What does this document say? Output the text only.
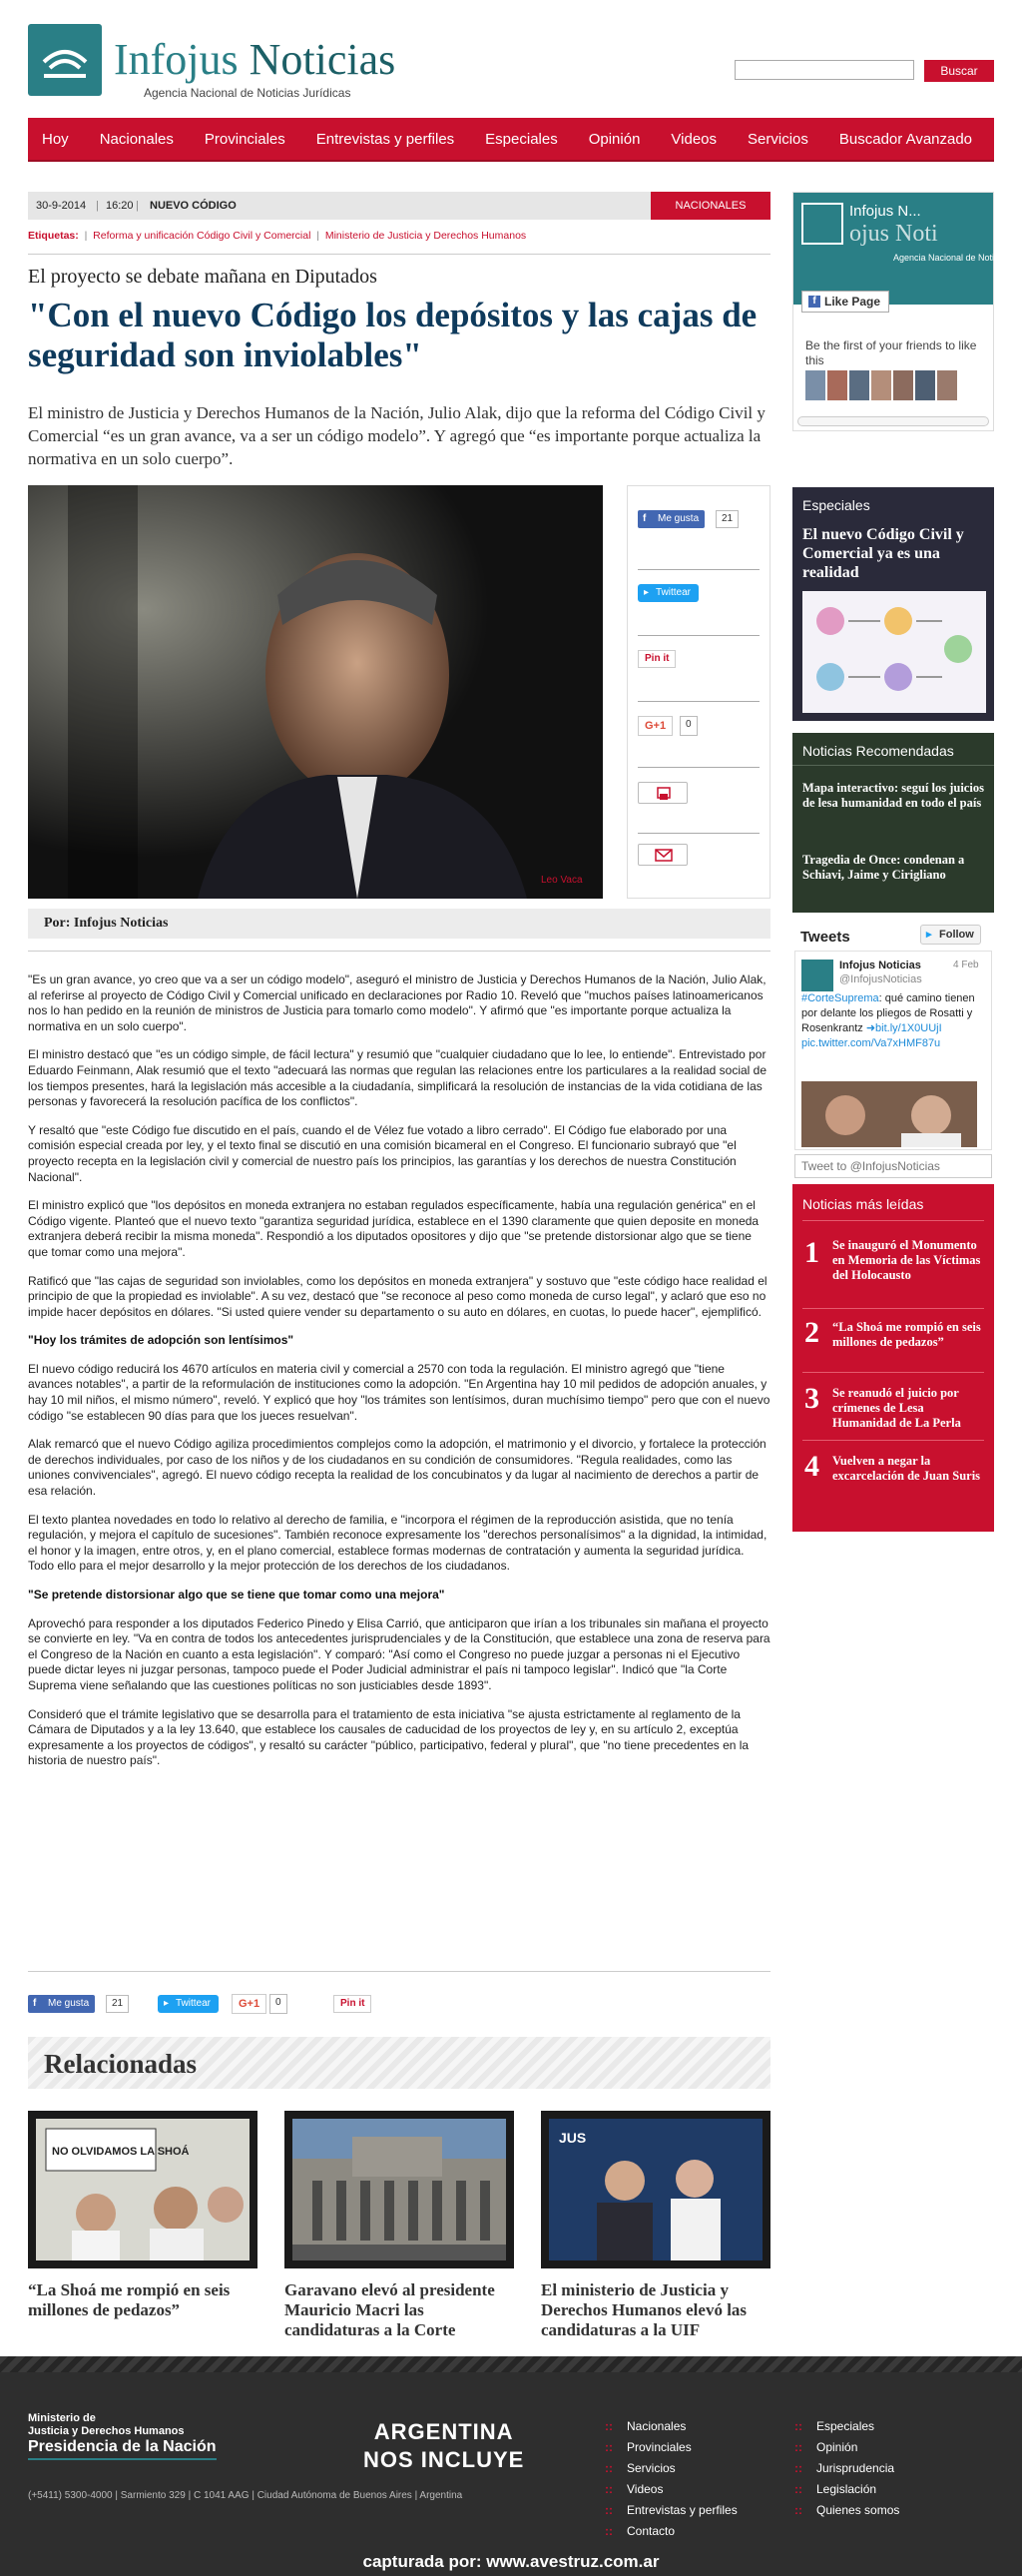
Infojus Noticias
Agencia Nacional de Noticias Jurídicas
Buscar
Hoy Nacionales Provinciales Entrevistas y perfiles Especiales Opinión Videos Servicios Buscador Avanzado
30-9-2014 | 16:20 | NUEVO CÓDIGO	NACIONALES
Etiquetas:  |  Reforma y unificación Código Civil y Comercial  |  Ministerio de Justicia y Derechos Humanos
El proyecto se debate mañana en Diputados
"Con el nuevo Código los depósitos y las cajas de seguridad son inviolables"

El ministro de Justicia y Derechos Humanos de la Nación, Julio Alak, dijo que la reforma del Código Civil y Comercial “es un gran avance, va a ser un código modelo”. Y agregó que “es importante porque actualiza la normativa en un solo cuerpo”.

Leo Vaca
f Me gusta	21
▸ Twittear
Pin it
G+1	0
Por: Infojus Noticias

"Es un gran avance, yo creo que va a ser un código modelo", aseguró el ministro de Justicia y Derechos Humanos de la Nación, Julio Alak, al referirse al proyecto de Código Civil y Comercial unificado en declaraciones por Radio 10. Reveló que "muchos países latinoamericanos nos lo han pedido en la reunión de ministros de Justicia para tomarlo como modelo". Y afirmó que "es importante porque actualiza la normativa en un solo cuerpo".

El ministro destacó que "es un código simple, de fácil lectura" y resumió que "cualquier ciudadano que lo lee, lo entiende". Entrevistado por Eduardo Feinmann, Alak resumió que el texto "adecuará las normas que regulan las relaciones entre los particulares a la realidad social de los tiempos presentes, hará la legislación más accesible a la ciudadanía, simplificará la resolución de instancias de la vida cotidiana de las personas y favorecerá la resolución pacífica de los conflictos".

Y resaltó que "este Código fue discutido en el país, cuando el de Vélez fue votado a libro cerrado". El Código fue elaborado por una comisión especial creada por ley, y el texto final se discutió en una comisión bicameral en el Congreso. El funcionario subrayó que "el proyecto recepta en la legislación civil y comercial de nuestro país los principios, las garantías y los derechos de nuestra Constitución Nacional".

El ministro explicó que "los depósitos en moneda extranjera no estaban regulados específicamente, había una regulación genérica" en el Código vigente. Planteó que el nuevo texto "garantiza seguridad jurídica, establece en el 1390 claramente que quien deposite en moneda extranjera deberá recibir la misma moneda". Respondió a los diputados opositores y dijo que "se pretende distorsionar algo que se tiene que tomar como una mejora".

Ratificó que "las cajas de seguridad son inviolables, como los depósitos en moneda extranjera" y sostuvo que "este código hace realidad el principio de que la propiedad es inviolable". A su vez, destacó que "se reconoce al peso como moneda de curso legal", y aclaró que eso no impide hacer depósitos en dólares. "Si usted quiere vender su departamento o su auto en dólares, en cuotas, lo puede hacer", ejemplificó.

"Hoy los trámites de adopción son lentísimos"

El nuevo código reducirá los 4670 artículos en materia civil y comercial a 2570 con toda la regulación. El ministro agregó que "tiene avances notables", a partir de la reformulación de instituciones como la adopción. "En Argentina hay 10 mil pedidos de adopción anuales, y hay 10 mil niños, el mismo número", reveló. Y explicó que hoy "los trámites son lentísimos, duran muchísimo tiempo" pero que con el nuevo código "se establecen 90 días para que los jueces resuelvan".

Alak remarcó que el nuevo Código agiliza procedimientos complejos como la adopción, el matrimonio y el divorcio, y fortalece la protección de derechos individuales, por caso de los niños y de los ciudadanos en su condición de consumidores. "Regula realidades, como las uniones convivenciales", agregó. El nuevo código recepta la realidad de los concubinatos y da lugar al nacimiento de derechos a partir de esa relación.

El texto plantea novedades en todo lo relativo al derecho de familia, e "incorpora el régimen de la reproducción asistida, que no tenía regulación, y mejora el capítulo de sucesiones". También reconoce expresamente los "derechos personalísimos" a la dignidad, la intimidad, el honor y la imagen, entre otros, y, en el plano comercial, establece formas modernas de contratación y aumenta la seguridad jurídica. Todo ello para el mejor desarrollo y la mejor protección de los derechos de los ciudadanos.

"Se pretende distorsionar algo que se tiene que tomar como una mejora"

Aprovechó para responder a los diputados Federico Pinedo y Elisa Carrió, que anticiparon que irían a los tribunales sin mañana el proyecto se convierte en ley. "Va en contra de todos los antecedentes jurisprudenciales y de la Constitución, que establece una zona de reserva para el Congreso de la Nación en cuanto a esta legislación". Y comparó: "Así como el Congreso no puede juzgar a personas ni el Ejecutivo puede dictar leyes ni juzgar personas, tampoco puede el Poder Judicial administrar el país ni tampoco legislar". Indicó que "la Corte Suprema viene señalando que las cuestiones políticas no son justiciables desde 1893".

Consideró que el trámite legislativo que se desarrolla para el tratamiento de esta iniciativa "se ajusta estrictamente al reglamento de la Cámara de Diputados y a la ley 13.640, que establece los causales de caducidad de los proyectos de ley y, en su artículo 2, exceptúa expresamente a los proyectos de códigos", y resaltó su carácter "público, participativo, federal y plural", que "no tiene precedentes en la historia de nuestro país".

f Me gusta	21	▸ Twittear	G+1	0	Pin it
Relacionadas
NO OLVIDAMOS LA SHOÁ
“La Shoá me rompió en seis millones de pedazos”
Garavano elevó al presidente Mauricio Macri las candidaturas a la Corte
JUS
El ministerio de Justicia y Derechos Humanos elevó las candidaturas a la UIF
Infojus N...
ojus Noti
Agencia Nacional de Noti
f Like Page
Be the first of your friends to like this
Especiales
El nuevo Código Civil y Comercial ya es una realidad
Noticias Recomendadas
Mapa interactivo: seguí los juicios de lesa humanidad en todo el país
Tragedia de Once: condenan a Schiavi, Jaime y Cirigliano
Tweets	▸ Follow
Infojus Noticias	4 Feb
@InfojusNoticias
#CorteSuprema: qué camino tienen por delante los pliegos de Rosatti y Rosenkrantz ➜bit.ly/1X0UUjI pic.twitter.com/Va7xHMF87u
Tweet to @InfojusNoticias
Noticias más leídas
1 Se inauguró el Monumento en Memoria de las Víctimas del Holocausto
2 “La Shoá me rompió en seis millones de pedazos”
3 Se reanudó el juicio por crímenes de Lesa Humanidad de La Perla
4 Vuelven a negar la excarcelación de Juan Suris
Ministerio de
Justicia y Derechos Humanos
Presidencia de la Nación
(+5411) 5300-4000 | Sarmiento 329 | C 1041 AAG | Ciudad Autónoma de Buenos Aires | Argentina
ARGENTINA
NOS INCLUYE
:: Nacionales
:: Provinciales
:: Servicios
:: Videos
:: Entrevistas y perfiles
:: Contacto
:: Especiales
:: Opinión
:: Jurisprudencia
:: Legislación
:: Quienes somos
capturada por: www.avestruz.com.ar
